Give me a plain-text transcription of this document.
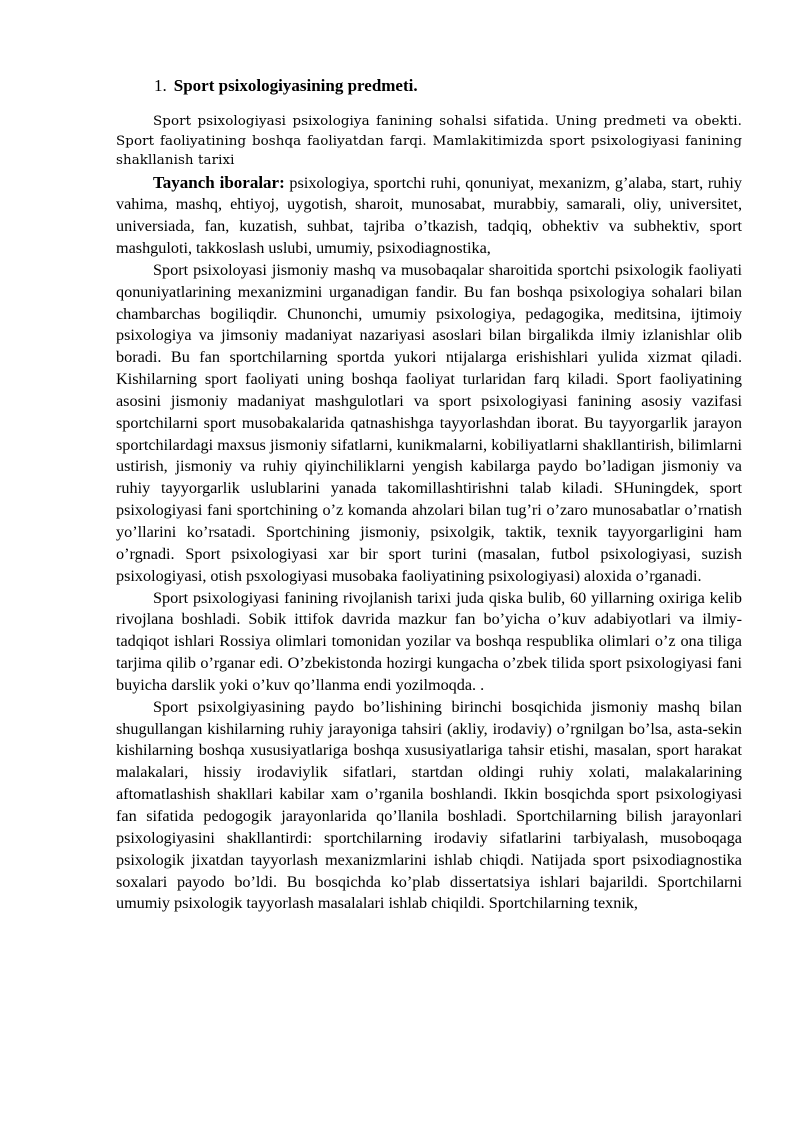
1. Sport psixologiyasining predmeti.

Sport psixologiyasi psixologiya fanining sohalsi sifatida. Uning predmeti va obekti. Sport faoliyatining boshqa faoliyatdan farqi. Mamlakitimizda sport psixologiyasi fanining shakllanish tarixi

Tayanch iboralar: psixologiya, sportchi ruhi, qonuniyat, mexanizm, g’alaba, start, ruhiy vahima, mashq, ehtiyoj, uygotish, sharoit, munosabat, murabbiy, samarali, oliy, universitet, universiada, fan, kuzatish, suhbat, tajriba o’tkazish, tadqiq, obhektiv va subhektiv, sport mashguloti, takkoslash uslubi, umumiy, psixodiagnostika,

Sport psixoloyasi jismoniy mashq va musobaqalar sharoitida sportchi psixologik faoliyati qonuniyatlarining mexanizmini urganadigan fandir. Bu fan boshqa psixologiya sohalari bilan chambarchas bogiliqdir. Chunonchi, umumiy psixologiya, pedagogika, meditsina, ijtimoiy psixologiya va jimsoniy madaniyat nazariyasi asoslari bilan birgalikda ilmiy izlanishlar olib boradi. Bu fan sportchilarning sportda yukori ntijalarga erishishlari yulida xizmat qiladi. Kishilarning sport faoliyati uning boshqa faoliyat turlaridan farq kiladi. Sport faoliyatining asosini jismoniy madaniyat mashgulotlari va sport psixologiyasi fanining asosiy vazifasi sportchilarni sport musobakalarida qatnashishga tayyorlashdan iborat. Bu tayyorgarlik jarayon sportchilardagi maxsus jismoniy sifatlarni, kunikmalarni, kobiliyatlarni shakllantirish, bilimlarni ustirish, jismoniy va ruhiy qiyinchiliklarni yengish kabilarga paydo bo’ladigan jismoniy va ruhiy tayyorgarlik uslublarini yanada takomillashtirishni talab kiladi. SHuningdek, sport psixologiyasi fani sportchining o’z komanda ahzolari bilan tug’ri o’zaro munosabatlar o’rnatish yo’llarini ko’rsatadi. Sportchining jismoniy, psixolgik, taktik, texnik tayyorgarligini ham o’rgnadi. Sport psixologiyasi xar bir sport turini (masalan, futbol psixologiyasi, suzish psixologiyasi, otish psxologiyasi musobaka faoliyatining psixologiyasi) aloxida o’rganadi.

Sport psixologiyasi fanining rivojlanish tarixi juda qiska bulib, 60 yillarning oxiriga kelib rivojlana boshladi. Sobik ittifok davrida mazkur fan bo’yicha o’kuv adabiyotlari va ilmiy-tadqiqot ishlari Rossiya olimlari tomonidan yozilar va boshqa respublika olimlari o’z ona tiliga tarjima qilib o’rganar edi. O’zbekistonda hozirgi kungacha o’zbek tilida sport psixologiyasi fani buyicha darslik yoki o’kuv qo’llanma endi yozilmoqda. .

Sport psixolgiyasining paydo bo’lishining birinchi bosqichida jismoniy mashq bilan shugullangan kishilarning ruhiy jarayoniga tahsiri (akliy, irodaviy) o’rgnilgan bo’lsa, asta-sekin kishilarning boshqa xususiyatlariga boshqa xususiyatlariga tahsir etishi, masalan, sport harakat malakalari, hissiy irodaviylik sifatlari, startdan oldingi ruhiy xolati, malakalarining aftomatlashish shakllari kabilar xam o’rganila boshlandi. Ikkin bosqichda sport psixologiyasi fan sifatida pedogogik jarayonlarida qo’llanila boshladi. Sportchilarning bilish jarayonlari psixologiyasini shakllantirdi: sportchilarning irodaviy sifatlarini tarbiyalash, musoboqaga psixologik jixatdan tayyorlash mexanizmlarini ishlab chiqdi. Natijada sport psixodiagnostika soxalari payodo bo’ldi. Bu bosqichda ko’plab dissertatsiya ishlari bajarildi. Sportchilarni umumiy psixologik tayyorlash masalalari ishlab chiqildi. Sportchilarning texnik,
